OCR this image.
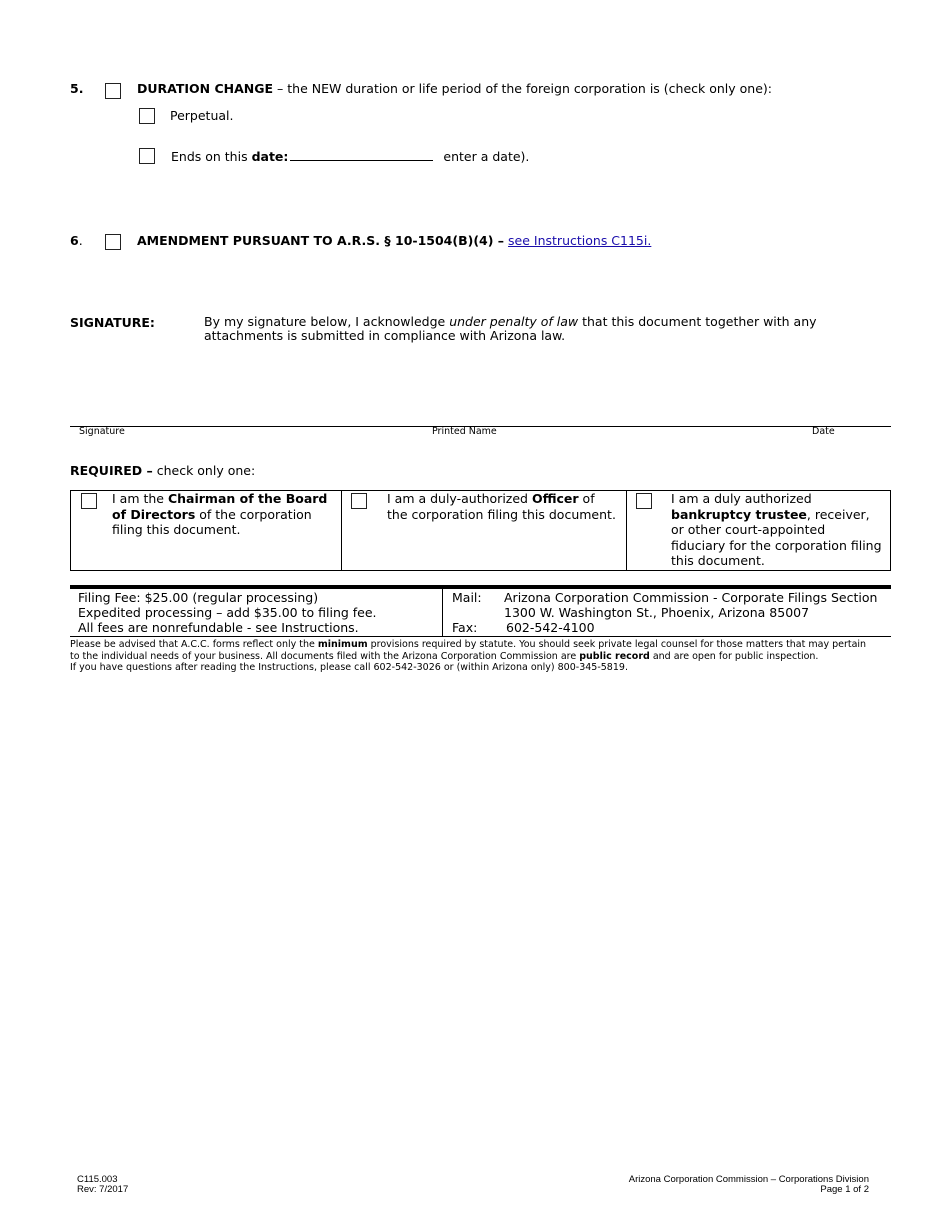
5.	DURATION CHANGE – the NEW duration or life period of the foreign corporation is (check only one):
Perpetual.
Ends on this date:	enter a date).
6.	AMENDMENT PURSUANT TO A.R.S. § 10-1504(B)(4) – see Instructions C115i.
SIGNATURE:	By my signature below, I acknowledge under penalty of law that this document together with any
attachments is submitted in compliance with Arizona law.
Signature	Printed Name	Date
REQUIRED – check only one:
I am the Chairman of the Board
of Directors of the corporation
filing this document.

I am a duly-authorized Officer of
the corporation filing this document.

I am a duly authorized
bankruptcy trustee, receiver,
or other court-appointed
fiduciary for the corporation filing
this document.
Filing Fee: $25.00 (regular processing)
Expedited processing – add $35.00 to filing fee.
All fees are nonrefundable - see Instructions.
Mail: Arizona Corporation Commission - Corporate Filings Section
1300 W. Washington St., Phoenix, Arizona 85007
Fax: 602-542-4100
Please be advised that A.C.C. forms reflect only the minimum provisions required by statute. You should seek private legal counsel for those matters that may pertain
to the individual needs of your business. All documents filed with the Arizona Corporation Commission are public record and are open for public inspection.
If you have questions after reading the Instructions, please call 602-542-3026 or (within Arizona only) 800-345-5819.
C115.003
Rev: 7/2017
Arizona Corporation Commission – Corporations Division
Page 1 of 2
